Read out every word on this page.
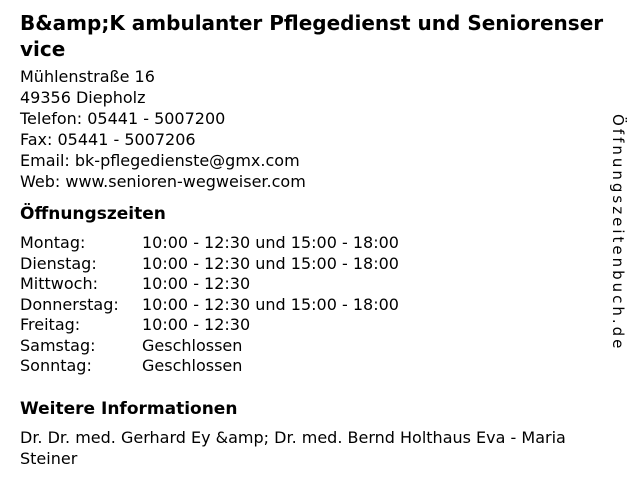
B&amp;K ambulanter Pflegedienst und Seniorenservice
Mühlenstraße 16
49356 Diepholz
Telefon: 05441 - 5007200
Fax: 05441 - 5007206
Email: bk-pflegedienste@gmx.com
Web: www.senioren-wegweiser.com
Öffnungszeiten
Montag:	10:00 - 12:30 und 15:00 - 18:00
Dienstag:	10:00 - 12:30 und 15:00 - 18:00
Mittwoch:	10:00 - 12:30
Donnerstag:	10:00 - 12:30 und 15:00 - 18:00
Freitag:	10:00 - 12:30
Samstag:	Geschlossen
Sonntag:	Geschlossen
Weitere Informationen

Dr. Dr. med. Gerhard Ey &amp; Dr. med. Bernd Holthaus Eva - Maria Steiner

Öffnungszeitenbuch.de
